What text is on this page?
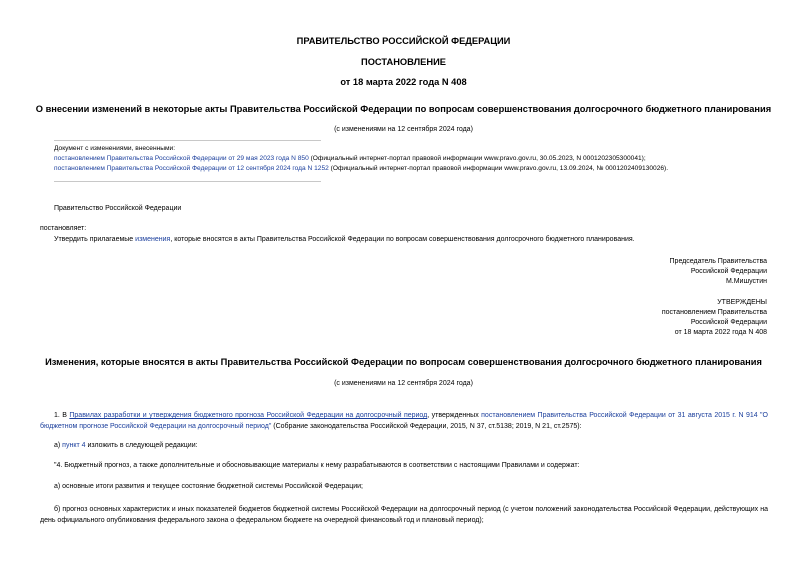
ПРАВИТЕЛЬСТВО РОССИЙСКОЙ ФЕДЕРАЦИИ
ПОСТАНОВЛЕНИЕ
от 18 марта 2022 года N 408
О внесении изменений в некоторые акты Правительства Российской Федерации по вопросам совершенствования долгосрочного бюджетного планирования
(с изменениями на 12 сентября 2024 года)
Документ с изменениями, внесенными:
постановлением Правительства Российской Федерации от 29 мая 2023 года N 850 (Официальный интернет-портал правовой информации www.pravo.gov.ru, 30.05.2023, N 0001202305300041);
постановлением Правительства Российской Федерации от 12 сентября 2024 года N 1252 (Официальный интернет-портал правовой информации www.pravo.gov.ru, 13.09.2024, № 0001202409130026).
Правительство Российской Федерации
постановляет:
Утвердить прилагаемые изменения, которые вносятся в акты Правительства Российской Федерации по вопросам совершенствования долгосрочного бюджетного планирования.
Председатель Правительства
Российской Федерации
М.Мишустин
УТВЕРЖДЕНЫ
постановлением Правительства
Российской Федерации
от 18 марта 2022 года N 408
Изменения, которые вносятся в акты Правительства Российской Федерации по вопросам совершенствования долгосрочного бюджетного планирования
(с изменениями на 12 сентября 2024 года)
1. В Правилах разработки и утверждения бюджетного прогноза Российской Федерации на долгосрочный период, утвержденных постановлением Правительства Российской Федерации от 31 августа 2015 г. N 914 "О бюджетном прогнозе Российской Федерации на долгосрочный период" (Собрание законодательства Российской Федерации, 2015, N 37, ст.5138; 2019, N 21, ст.2575):
а) пункт 4 изложить в следующей редакции:
"4. Бюджетный прогноз, а также дополнительные и обосновывающие материалы к нему разрабатываются в соответствии с настоящими Правилами и содержат:
а) основные итоги развития и текущее состояние бюджетной системы Российской Федерации;
б) прогноз основных характеристик и иных показателей бюджетов бюджетной системы Российской Федерации на долгосрочный период (с учетом положений законодательства Российской Федерации, действующих на день официального опубликования федерального закона о федеральном бюджете на очередной финансовый год и плановый период);
